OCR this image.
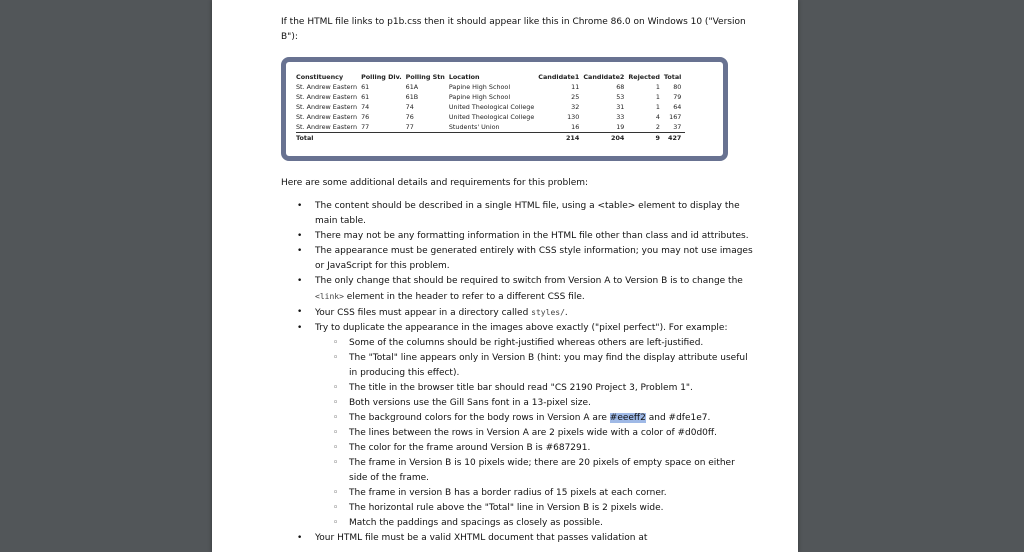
If the HTML file links to p1b.css then it should appear like this in Chrome 86.0 on Windows 10 ("Version B"):
Constituency	Polling Div.	Polling Stn	Location	Candidate1	Candidate2	Rejected	Total
St. Andrew Eastern	61	61A	Papine High School	11	68	1	80
St. Andrew Eastern	61	61B	Papine High School	25	53	1	79
St. Andrew Eastern	74	74	United Theological College	32	31	1	64
St. Andrew Eastern	76	76	United Theological College	130	33	4	167
St. Andrew Eastern	77	77	Students' Union	16	19	2	37
Total				214	204	9	427
Here are some additional details and requirements for this problem:
• The content should be described in a single HTML file, using a <table> element to display the main table.
• There may not be any formatting information in the HTML file other than class and id attributes.
• The appearance must be generated entirely with CSS style information; you may not use images or JavaScript for this problem.
• The only change that should be required to switch from Version A to Version B is to change the <link> element in the header to refer to a different CSS file.
• Your CSS files must appear in a directory called styles/.
• Try to duplicate the appearance in the images above exactly ("pixel perfect"). For example:
◦ Some of the columns should be right-justified whereas others are left-justified.
◦ The "Total" line appears only in Version B (hint: you may find the display attribute useful in producing this effect).
◦ The title in the browser title bar should read "CS 2190 Project 3, Problem 1".
◦ Both versions use the Gill Sans font in a 13-pixel size.
◦ The background colors for the body rows in Version A are #eeeff2 and #dfe1e7.
◦ The lines between the rows in Version A are 2 pixels wide with a color of #d0d0ff.
◦ The color for the frame around Version B is #687291.
◦ The frame in Version B is 10 pixels wide; there are 20 pixels of empty space on either side of the frame.
◦ The frame in version B has a border radius of 15 pixels at each corner.
◦ The horizontal rule above the "Total" line in Version B is 2 pixels wide.
◦ Match the paddings and spacings as closely as possible.
• Your HTML file must be a valid XHTML document that passes validation at
